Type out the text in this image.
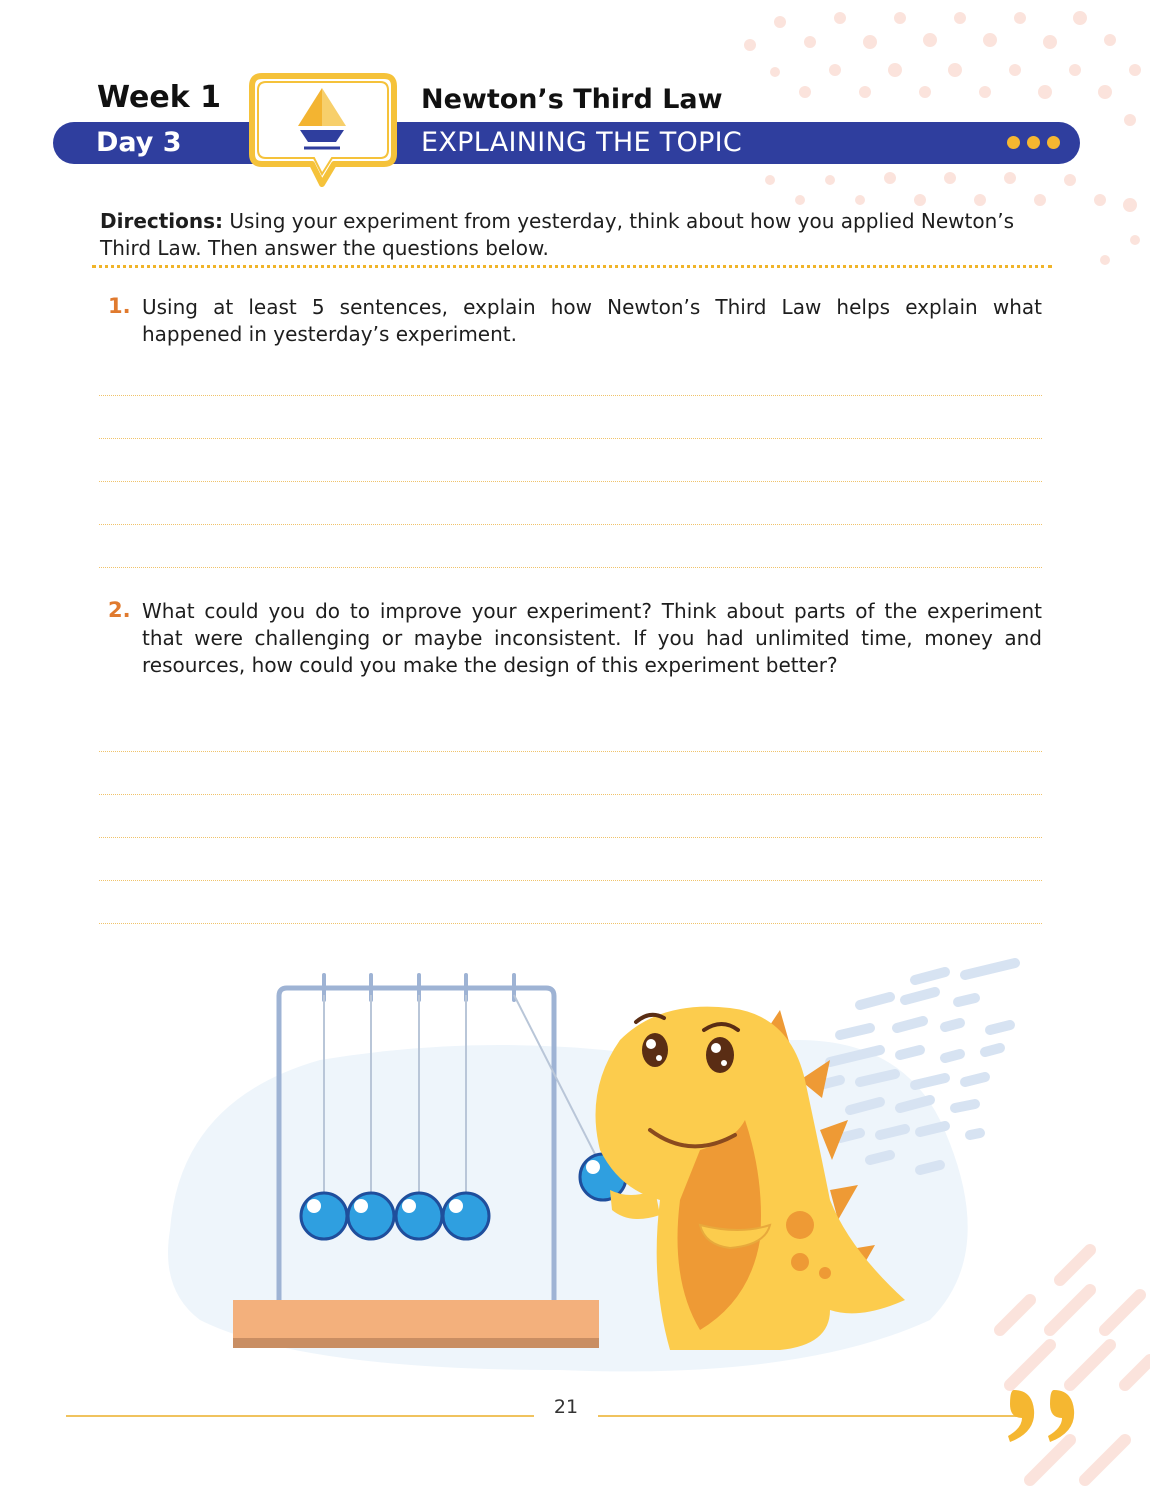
Week 1
Day 3
Newton’s Third Law
EXPLAINING THE TOPIC
Directions: Using your experiment from yesterday, think about how you applied Newton’s Third Law. Then answer the questions below.
1. Using at least 5 sentences, explain how Newton’s Third Law helps explain what happened in yesterday’s experiment.

2. What could you do to improve your experiment? Think about parts of the experiment that were challenging or maybe inconsistent. If you had unlimited time, money and resources, how could you make the design of this experiment better?

21
